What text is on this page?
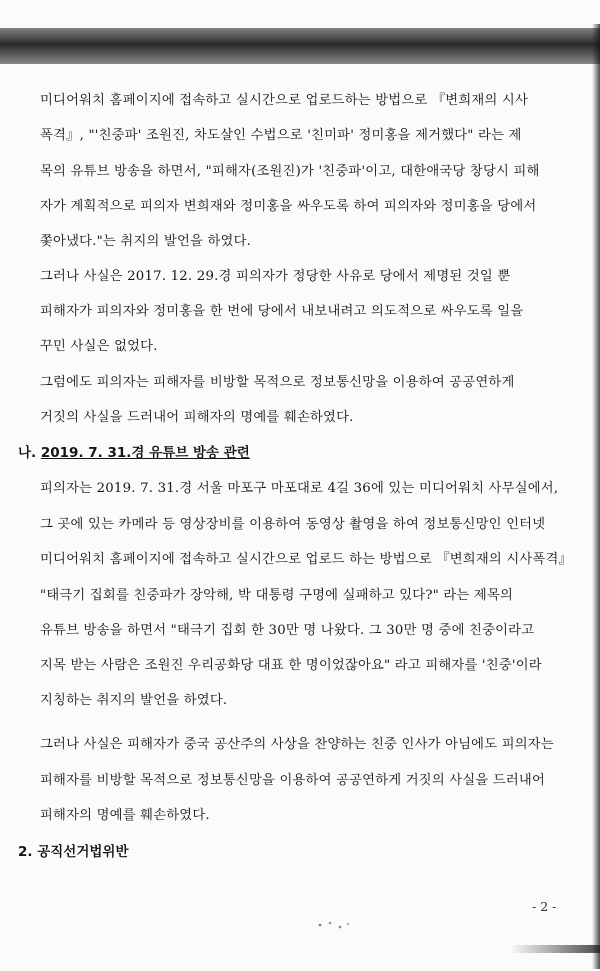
미디어워치 홈페이지에 접속하고 실시간으로 업로드하는 방법으로 『변희재의 시사
폭격』, "'친중파' 조원진, 차도살인 수법으로 '친미파' 정미홍을 제거했다" 라는 제
목의 유튜브 방송을 하면서, "피해자(조원진)가 '친중파'이고, 대한애국당 창당시 피해
자가 계획적으로 피의자 변희재와 정미홍을 싸우도록 하여 피의자와 정미홍을 당에서
쫓아냈다."는 취지의 발언을 하였다.
그러나 사실은 2017. 12. 29.경 피의자가 정당한 사유로 당에서 제명된 것일 뿐
피해자가 피의자와 정미홍을 한 번에 당에서 내보내려고 의도적으로 싸우도록 일을
꾸민 사실은 없었다.
그럼에도 피의자는 피해자를 비방할 목적으로 정보통신망을 이용하여 공공연하게
거짓의 사실을 드러내어 피해자의 명예를 훼손하였다.
나. 2019. 7. 31.경 유튜브 방송 관련
피의자는 2019. 7. 31.경 서울 마포구 마포대로 4길 36에 있는 미디어워치 사무실에서,
그 곳에 있는 카메라 등 영상장비를 이용하여 동영상 촬영을 하여 정보통신망인 인터넷
미디어워치 홈페이지에 접속하고 실시간으로 업로드 하는 방법으로 『변희재의 시사폭격』
"태극기 집회를 친중파가 장악해, 박 대통령 구명에 실패하고 있다?" 라는 제목의
유튜브 방송을 하면서 "태극기 집회 한 30만 명 나왔다. 그 30만 명 중에 친중이라고
지목 받는 사람은 조원진 우리공화당 대표 한 명이었잖아요" 라고 피해자를 '친중'이라
지칭하는 취지의 발언을 하였다.
그러나 사실은 피해자가 중국 공산주의 사상을 찬양하는 친중 인사가 아님에도 피의자는
피해자를 비방할 목적으로 정보통신망을 이용하여 공공연하게 거짓의 사실을 드러내어
피해자의 명예를 훼손하였다.
2. 공직선거법위반
- 2 -
